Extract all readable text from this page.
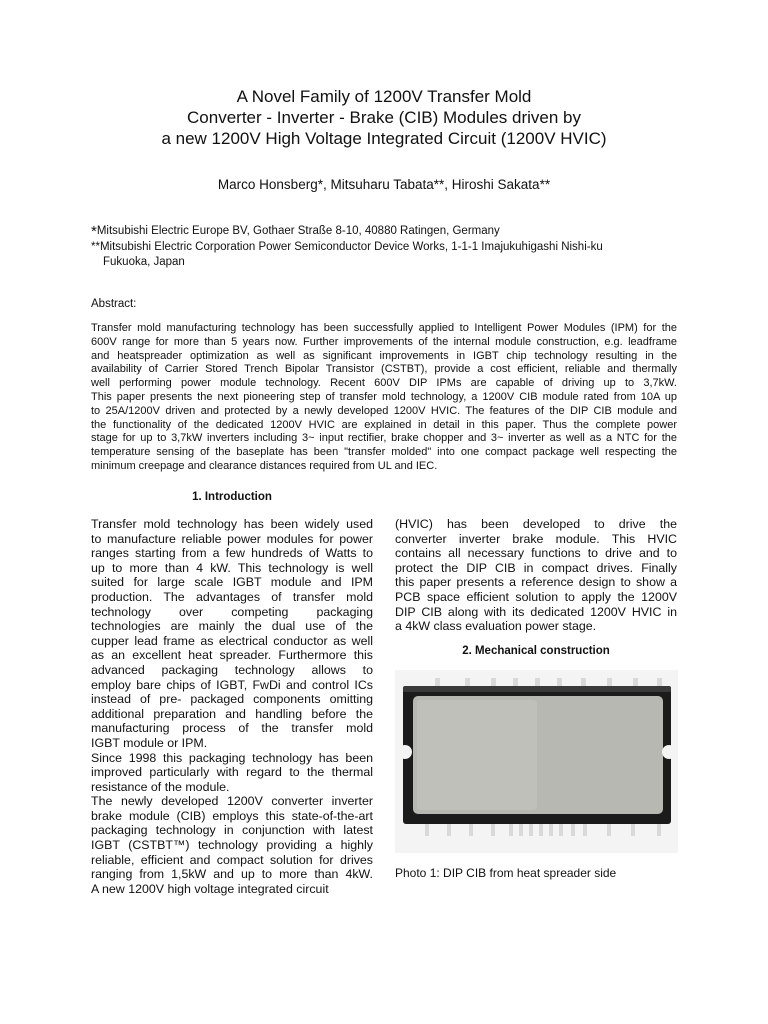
A Novel Family of 1200V Transfer Mold
Converter - Inverter - Brake (CIB) Modules driven by
a new 1200V High Voltage Integrated Circuit (1200V HVIC)
Marco Honsberg*, Mitsuharu Tabata**, Hiroshi Sakata**
*Mitsubishi Electric Europe BV, Gothaer Straße 8-10, 40880 Ratingen, Germany
**Mitsubishi Electric Corporation Power Semiconductor Device Works, 1-1-1 Imajukuhigashi Nishi-ku
Fukuoka, Japan
Abstract:
Transfer mold manufacturing technology has been successfully applied to Intelligent Power Modules (IPM) for the
600V range for more than 5 years now. Further improvements of the internal module construction, e.g. leadframe
and heatspreader optimization as well as significant improvements in IGBT chip technology resulting in the
availability of Carrier Stored Trench Bipolar Transistor (CSTBT), provide a cost efficient, reliable and thermally
well performing power module technology. Recent 600V DIP IPMs are capable of driving up to 3,7kW.
This paper presents the next pioneering step of transfer mold technology, a 1200V CIB module rated from 10A up
to 25A/1200V driven and protected by a newly developed 1200V HVIC. The features of the DIP CIB module and
the functionality of the dedicated 1200V HVIC are explained in detail in this paper. Thus the complete power
stage for up to 3,7kW inverters including 3~ input rectifier, brake chopper and 3~ inverter as well as a NTC for the
temperature sensing of the baseplate has been "transfer molded" into one compact package well respecting the
minimum creepage and clearance distances required from UL and IEC.
1. Introduction
Transfer mold technology has been widely used
to manufacture reliable power modules for power
ranges starting from a few hundreds of Watts to
up to more than 4 kW. This technology is well
suited for large scale IGBT module and IPM
production. The advantages of transfer mold
technology over competing packaging
technologies are mainly the dual use of the
cupper lead frame as electrical conductor as well
as an excellent heat spreader. Furthermore this
advanced packaging technology allows to
employ bare chips of IGBT, FwDi and control ICs
instead of pre- packaged components omitting
additional preparation and handling before the
manufacturing process of the transfer mold
IGBT module or IPM.
Since 1998 this packaging technology has been
improved particularly with regard to the thermal
resistance of the module.
The newly developed 1200V converter inverter
brake module (CIB) employs this state-of-the-art
packaging technology in conjunction with latest
IGBT (CSTBT™) technology providing a highly
reliable, efficient and compact solution for drives
ranging from 1,5kW and up to more than 4kW.
A new 1200V high voltage integrated circuit
(HVIC) has been developed to drive the
converter inverter brake module. This HVIC
contains all necessary functions to drive and to
protect the DIP CIB in compact drives. Finally
this paper presents a reference design to show a
PCB space efficient solution to apply the 1200V
DIP CIB along with its dedicated 1200V HVIC in
a 4kW class evaluation power stage.
2. Mechanical construction
Photo 1: DIP CIB from heat spreader side
